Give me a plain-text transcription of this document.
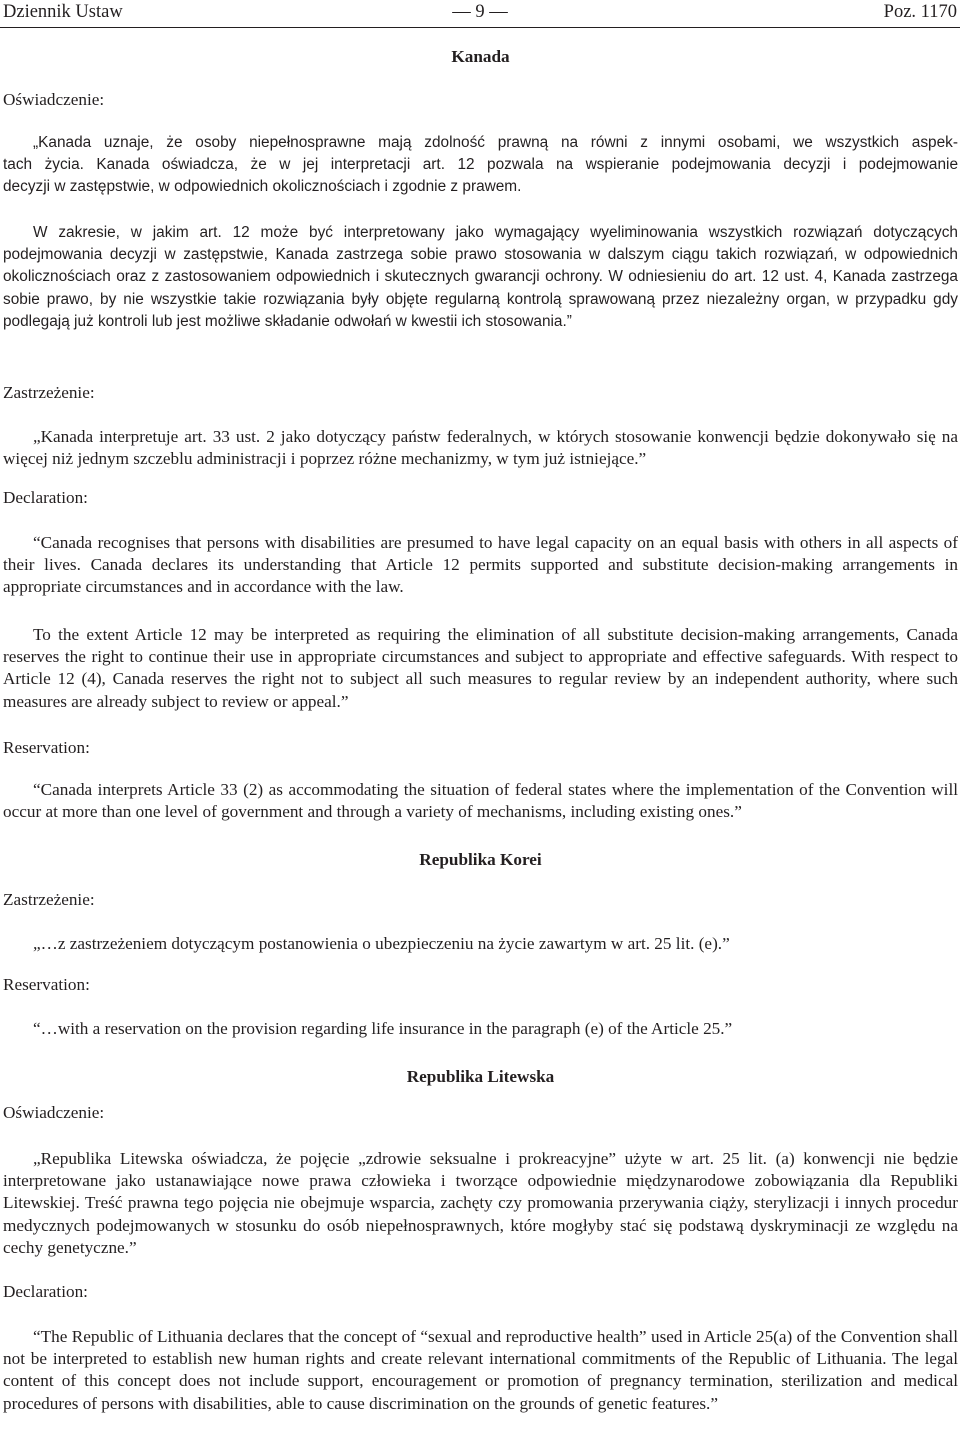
Dziennik Ustaw	— 9 —	Poz. 1170
Kanada
Oświadczenie:
„Kanada uznaje, że osoby niepełnosprawne mają zdolność prawną na równi z innymi osobami, we wszystkich aspek-
tach życia. Kanada oświadcza, że w jej interpretacji art. 12 pozwala na wspieranie podejmowania decyzji i podejmowanie
decyzji w zastępstwie, w odpowiednich okolicznościach i zgodnie z prawem.
W zakresie, w jakim art. 12 może być interpretowany jako wymagający wyeliminowania wszystkich rozwiązań dotyczących podejmowania decyzji w zastępstwie, Kanada zastrzega sobie prawo stosowania w dalszym ciągu takich rozwiązań, w odpowiednich okolicznościach oraz z zastosowaniem odpowiednich i skutecznych gwarancji ochrony. W odniesieniu do art. 12 ust. 4, Kanada zastrzega sobie prawo, by nie wszystkie takie rozwiązania były objęte regularną kontrolą sprawowaną przez niezależny organ, w przypadku gdy podlegają już kontroli lub jest możliwe składanie odwołań w kwestii ich stosowania.”
Zastrzeżenie:
„Kanada interpretuje art. 33 ust. 2 jako dotyczący państw federalnych, w których stosowanie konwencji będzie dokonywało się na więcej niż jednym szczeblu administracji i poprzez różne mechanizmy, w tym już istniejące.”
Declaration:
“Canada recognises that persons with disabilities are presumed to have legal capacity on an equal basis with others in all aspects of their lives. Canada declares its understanding that Article 12 permits supported and substitute decision-making arrangements in appropriate circumstances and in accordance with the law.
To the extent Article 12 may be interpreted as requiring the elimination of all substitute decision-making arrangements, Canada reserves the right to continue their use in appropriate circumstances and subject to appropriate and effective safeguards. With respect to Article 12 (4), Canada reserves the right not to subject all such measures to regular review by an independent authority, where such measures are already subject to review or appeal.”
Reservation:
“Canada interprets Article 33 (2) as accommodating the situation of federal states where the implementation of the Convention will occur at more than one level of government and through a variety of mechanisms, including existing ones.”
Republika Korei
Zastrzeżenie:
„…z zastrzeżeniem dotyczącym postanowienia o ubezpieczeniu na życie zawartym w art. 25 lit. (e).”
Reservation:
“…with a reservation on the provision regarding life insurance in the paragraph (e) of the Article 25.”
Republika Litewska
Oświadczenie:
„Republika Litewska oświadcza, że pojęcie „zdrowie seksualne i prokreacyjne” użyte w art. 25 lit. (a) konwencji nie będzie interpretowane jako ustanawiające nowe prawa człowieka i tworzące odpowiednie międzynarodowe zobowiązania dla Republiki Litewskiej. Treść prawna tego pojęcia nie obejmuje wsparcia, zachęty czy promowania przerywania ciąży, sterylizacji i innych procedur medycznych podejmowanych w stosunku do osób niepełnosprawnych, które mogłyby stać się podstawą dyskryminacji ze względu na cechy genetyczne.”
Declaration:
“The Republic of Lithuania declares that the concept of “sexual and reproductive health” used in Article 25(a) of the Convention shall not be interpreted to establish new human rights and create relevant international commitments of the Republic of Lithuania. The legal content of this concept does not include support, encouragement or promotion of pregnancy termination, sterilization and medical procedures of persons with disabilities, able to cause discrimination on the grounds of genetic features.”
